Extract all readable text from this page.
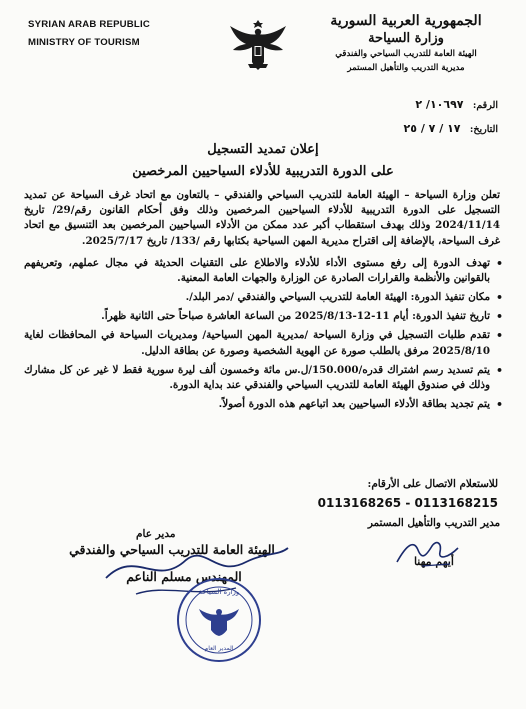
SYRIAN ARAB REPUBLIC
MINISTRY OF TOURISM
الجمهورية العربية السورية
وزارة السياحة
الهيئة العامة للتدريب السياحي والفندقي
مديرية التدريب والتأهيل المستمر
الرقم: ١٠٦٩٧/ ٢
التاريخ: ١٧ / ٧ / ٢٥
إعلان تمديد التسجيل
على الدورة التدريبية للأدلاء السياحيين المرخصين
تعلن وزارة السياحة – الهيئة العامة للتدريب السياحي والفندقي – بالتعاون مع اتحاد غرف السياحة عن تمديد التسجيل على الدورة التدريبية للأدلاء السياحيين المرخصين وذلك وفق أحكام القانون رقم/29/ تاريخ 2024/11/14 وذلك بهدف استقطاب أكبر عدد ممكن من الأدلاء السياحيين المرخصين بعد التنسيق مع اتحاد غرف السياحة، بالإضافة إلى اقتراح مديرية المهن السياحية بكتابها رقم /133/ تاريخ 2025/7/17.
• تهدف الدورة إلى رفع مستوى الأداء للأدلاء والاطلاع على التقنيات الحديثة في مجال عملهم، وتعريفهم بالقوانين والأنظمة والقرارات الصادرة عن الوزارة والجهات العامة المعنية.
• مكان تنفيذ الدورة: الهيئة العامة للتدريب السياحي والفندقي /دمر البلد/.
• تاريخ تنفيذ الدورة: أيام 11-12-2025/8/13 من الساعة العاشرة صباحاً حتى الثانية ظهراً.
• تقدم طلبات التسجيل في وزارة السياحة /مديرية المهن السياحية/ ومديريات السياحة في المحافظات لغاية 2025/8/10 مرفق بالطلب صورة عن الهوية الشخصية وصورة عن بطاقة الدليل.
• يتم تسديد رسم اشتراك قدره/150.000/ل.س مائة وخمسون ألف ليرة سورية فقط لا غير عن كل مشارك وذلك في صندوق الهيئة العامة للتدريب السياحي والفندقي عند بداية الدورة.
• يتم تجديد بطاقة الأدلاء السياحيين بعد اتباعهم هذه الدورة أصولاً.
للاستعلام الاتصال على الأرقام:
0113168215 - 0113168265
مدير التدريب والتأهيل المستمر
أيهم مهنا
مدير عام
الهيئة العامة للتدريب السياحي والفندقي
المهندس مسلم الناعم
وزارة السياحة
المدير العام
